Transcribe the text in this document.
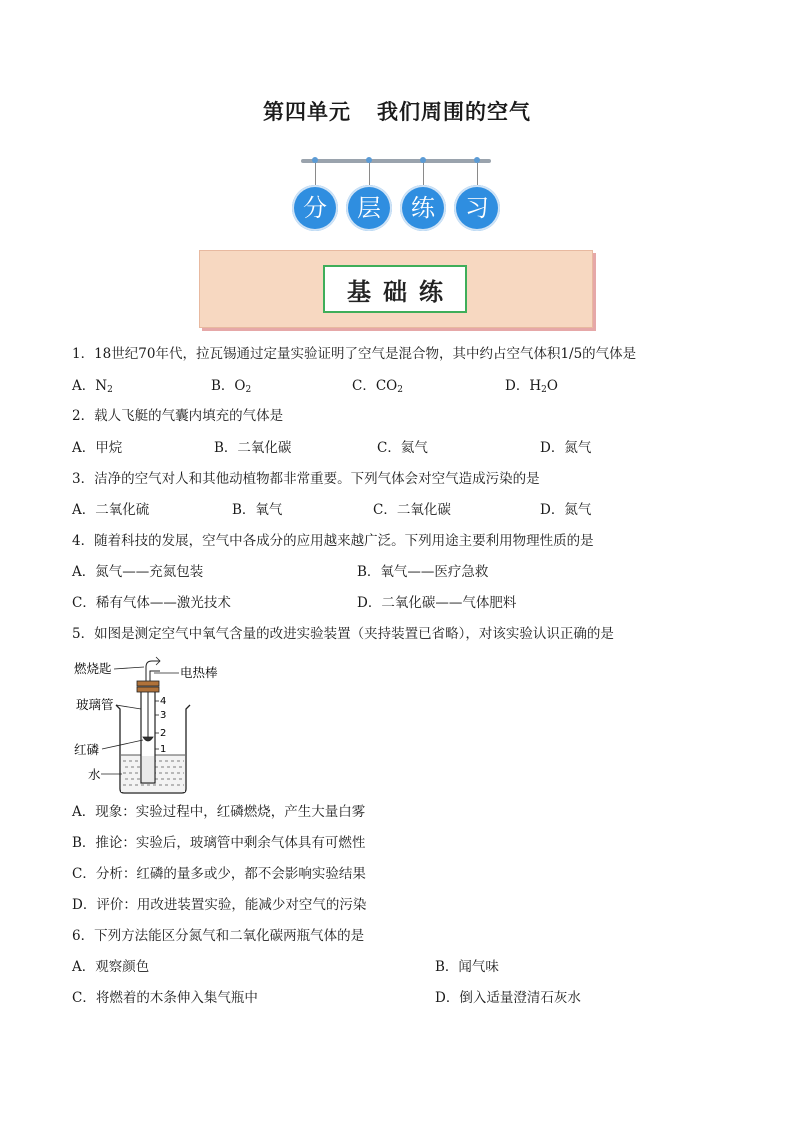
第四单元 我们周围的空气
分	层	练	习
基础练
1．18世纪70年代，拉瓦锡通过定量实验证明了空气是混合物，其中约占空气体积1/5的气体是
A．$N_2$	B．$O_2$	C．$CO_2$	D．$H_2O$
2．载人飞艇的气囊内填充的气体是
A．甲烷	B．二氧化碳	C．氦气	D．氮气
3．洁净的空气对人和其他动植物都非常重要。下列气体会对空气造成污染的是
A．二氧化硫	B．氧气	C．二氧化碳	D．氮气
4．随着科技的发展，空气中各成分的应用越来越广泛。下列用途主要利用物理性质的是
A．氮气——充氮包装	B．氧气——医疗急救
C．稀有气体——激光技术	D．二氧化碳——气体肥料
5．如图是测定空气中氧气含量的改进实验装置（夹持装置已省略），对该实验认识正确的是
4
3
2
1
燃烧匙	电热棒
玻璃管
红磷
水
A．现象：实验过程中，红磷燃烧，产生大量白雾
B．推论：实验后，玻璃管中剩余气体具有可燃性
C．分析：红磷的量多或少，都不会影响实验结果
D．评价：用改进装置实验，能减少对空气的污染
6．下列方法能区分氮气和二氧化碳两瓶气体的是
A．观察颜色	B．闻气味
C．将燃着的木条伸入集气瓶中	D．倒入适量澄清石灰水
